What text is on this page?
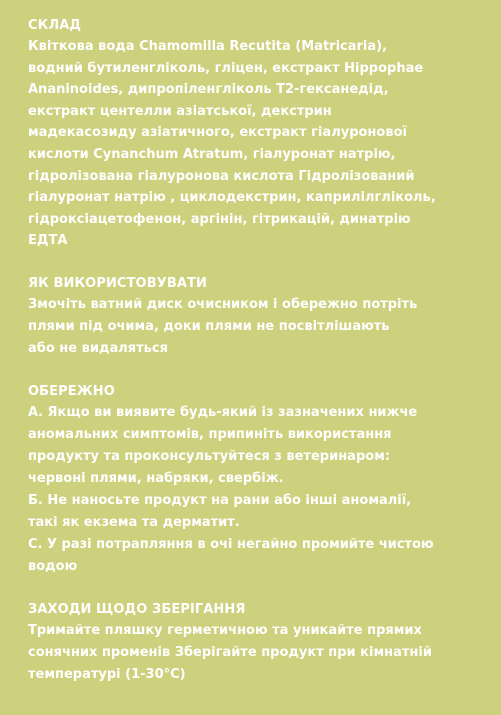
СКЛАД
Квіткова вода Chamomilla Recutita (Matricaria),
водний бутиленгліколь, гліцен, екстракт Hippophae
Ananinoides, дипропіленгліколь Т2-гексанедід,
екстракт центелли азіатської, декстрин
мадекасозиду азіатичного, екстракт гіалуронової
кислоти Cynanchum Atratum, гіалуронат натрію,
гідролізована гіалуронова кислота Гідролізований
гіалуронат натрію , циклодекстрин, каприлілгліколь,
гідроксіацетофенон, аргінін, гітрикацій, динатрію
ЕДТА
ЯК ВИКОРИСТОВУВАТИ
Змочіть ватний диск очисником і обережно потріть
плями під очима, доки плями не посвітлішають
або не видаляться
ОБЕРЕЖНО
А. Якщо ви виявите будь-який із зазначених нижче
аномальних симптомів, припиніть використання
продукту та проконсультуйтеся з ветеринаром:
червоні плями, набряки, свербіж.
Б. Не наносьте продукт на рани або інші аномалії,
такі як екзема та дерматит.
С. У разі потрапляння в очі негайно промийте чистою
водою
ЗАХОДИ ЩОДО ЗБЕРІГАННЯ
Тримайте пляшку герметичною та уникайте прямих
сонячних променів Зберігайте продукт при кімнатній
температурі (1-30°C)
